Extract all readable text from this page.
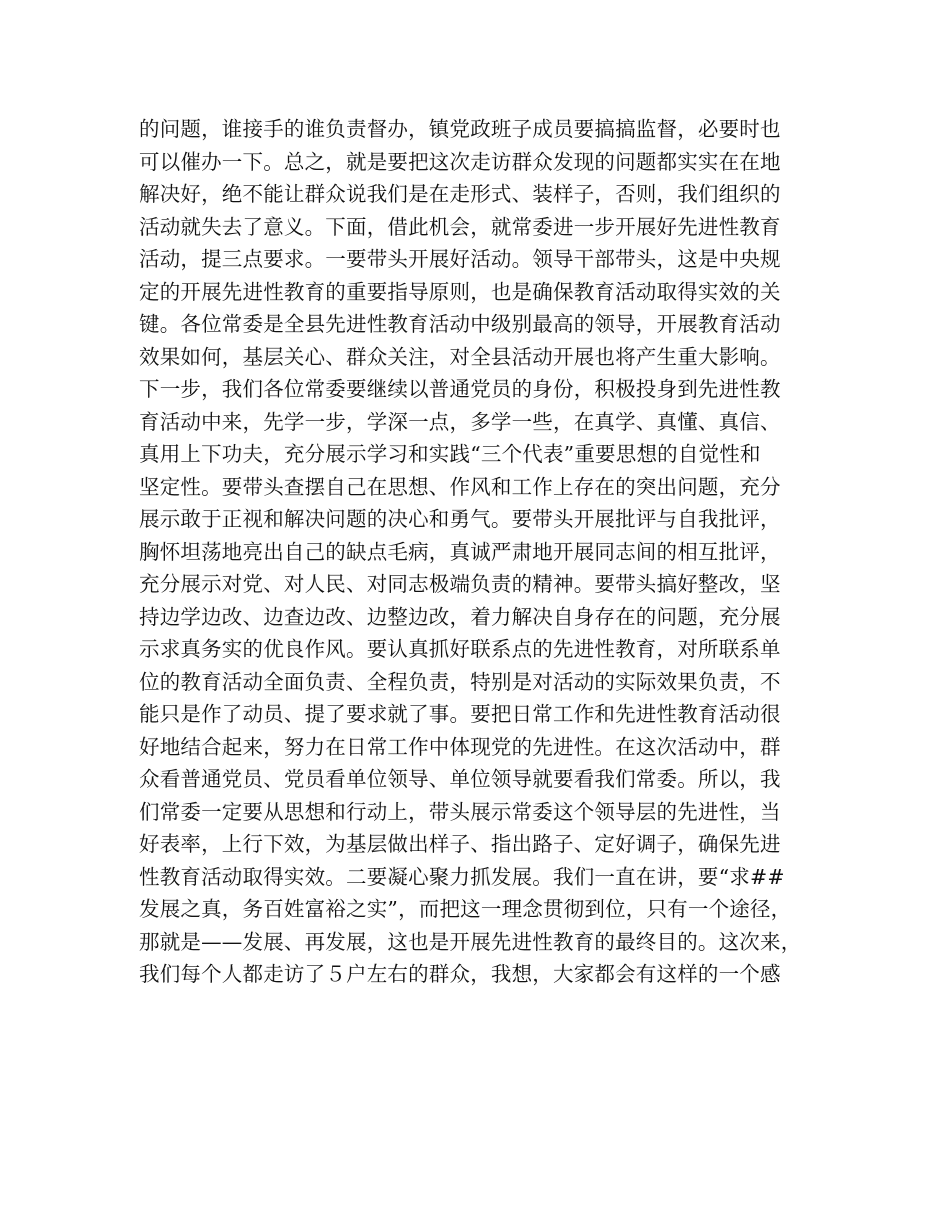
的问题，谁接手的谁负责督办，镇党政班子成员要搞搞监督，必要时也
可以催办一下。总之，就是要把这次走访群众发现的问题都实实在在地
解决好，绝不能让群众说我们是在走形式、装样子，否则，我们组织的
活动就失去了意义。下面，借此机会，就常委进一步开展好先进性教育
活动，提三点要求。一要带头开展好活动。领导干部带头，这是中央规
定的开展先进性教育的重要指导原则，也是确保教育活动取得实效的关
键。各位常委是全县先进性教育活动中级别最高的领导，开展教育活动
效果如何，基层关心、群众关注，对全县活动开展也将产生重大影响。
下一步，我们各位常委要继续以普通党员的身份，积极投身到先进性教
育活动中来，先学一步，学深一点，多学一些，在真学、真懂、真信、
真用上下功夫，充分展示学习和实践“三个代表”重要思想的自觉性和
坚定性。要带头查摆自己在思想、作风和工作上存在的突出问题，充分
展示敢于正视和解决问题的决心和勇气。要带头开展批评与自我批评，
胸怀坦荡地亮出自己的缺点毛病，真诚严肃地开展同志间的相互批评，
充分展示对党、对人民、对同志极端负责的精神。要带头搞好整改，坚
持边学边改、边查边改、边整边改，着力解决自身存在的问题，充分展
示求真务实的优良作风。要认真抓好联系点的先进性教育，对所联系单
位的教育活动全面负责、全程负责，特别是对活动的实际效果负责，不
能只是作了动员、提了要求就了事。要把日常工作和先进性教育活动很
好地结合起来，努力在日常工作中体现党的先进性。在这次活动中，群
众看普通党员、党员看单位领导、单位领导就要看我们常委。所以，我
们常委一定要从思想和行动上，带头展示常委这个领导层的先进性，当
好表率，上行下效，为基层做出样子、指出路子、定好调子，确保先进
性教育活动取得实效。二要凝心聚力抓发展。我们一直在讲，要“求##
发展之真，务百姓富裕之实”，而把这一理念贯彻到位，只有一个途径，
那就是——发展、再发展，这也是开展先进性教育的最终目的。这次来，
我们每个人都走访了５户左右的群众，我想，大家都会有这样的一个感
